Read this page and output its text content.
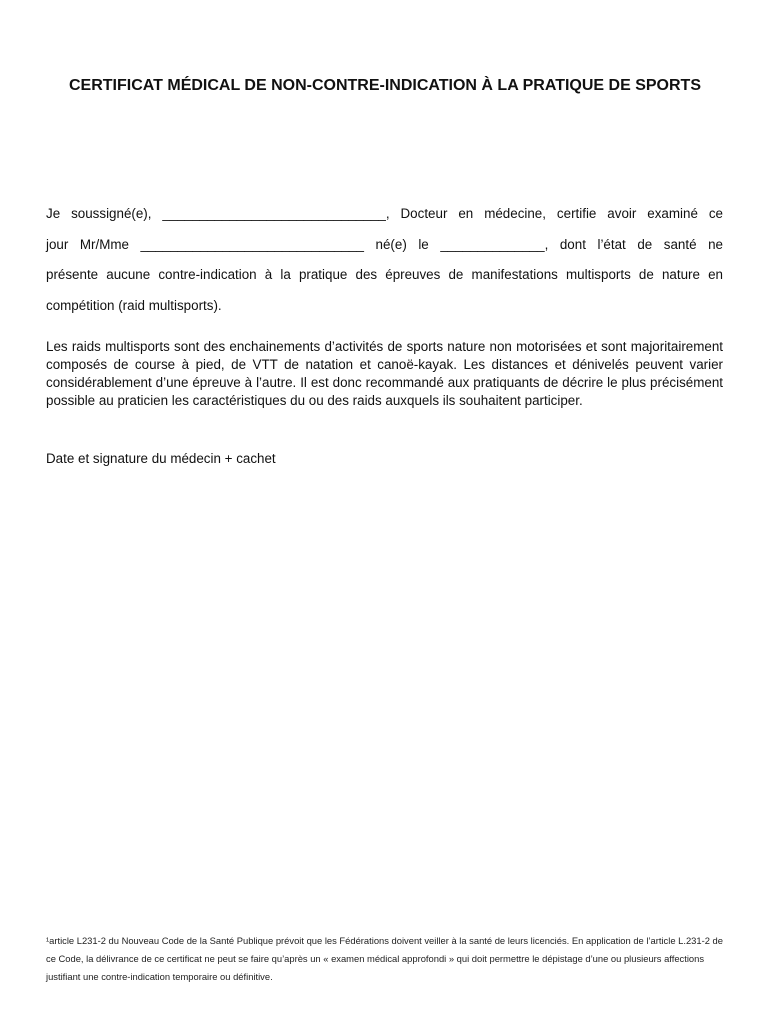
CERTIFICAT MÉDICAL DE NON-CONTRE-INDICATION À LA PRATIQUE DE SPORTS

Je soussigné(e), ______________________________, Docteur en médecine, certifie avoir examiné ce

jour Mr/Mme ______________________________ né(e) le ______________, dont l’état de santé ne

présente aucune contre-indication à la pratique des épreuves de manifestations multisports de nature en

compétition (raid multisports).

Les raids multisports sont des enchainements d’activités de sports nature non motorisées et sont majoritairement composés de course à pied, de VTT de natation et canoë-kayak. Les distances et dénivelés peuvent varier considérablement d’une épreuve à l’autre. Il est donc recommandé aux pratiquants de décrire le plus précisément possible au praticien les caractéristiques du ou des raids auxquels ils souhaitent participer.

Date et signature du médecin + cachet

¹article L231-2 du Nouveau Code de la Santé Publique prévoit que les Fédérations doivent veiller à la santé de leurs licenciés. En application de l’article L.231-2 de ce Code, la délivrance de ce certificat ne peut se faire qu’après un « examen médical approfondi » qui doit permettre le dépistage d’une ou plusieurs affections justifiant une contre-indication temporaire ou définitive.
